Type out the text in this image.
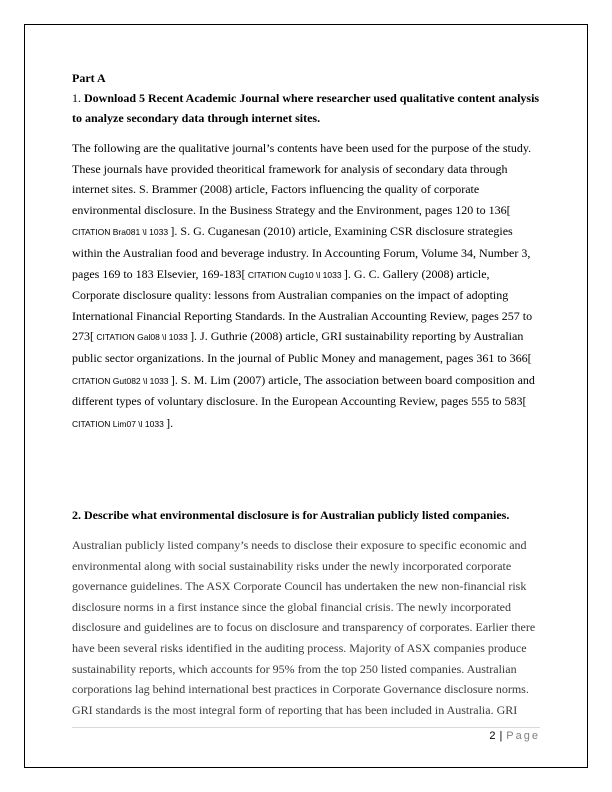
Part A

1. Download 5 Recent Academic Journal where researcher used qualitative content analysis to analyze secondary data through internet sites.

The following are the qualitative journal’s contents have been used for the purpose of the study. These journals have provided theoritical framework for analysis of secondary data through internet sites. S. Brammer (2008) article, Factors influencing the quality of corporate environmental disclosure. In the Business Strategy and the Environment, pages 120 to 136[ CITATION Bra081 \l 1033 ]. S. G. Cuganesan (2010) article, Examining CSR disclosure strategies within the Australian food and beverage industry. In Accounting Forum, Volume 34, Number 3, pages 169 to 183 Elsevier, 169-183[ CITATION Cug10 \l 1033 ]. G. C. Gallery (2008) article, Corporate disclosure quality: lessons from Australian companies on the impact of adopting International Financial Reporting Standards. In the Australian Accounting Review, pages 257 to 273[ CITATION Gal08 \l 1033 ]. J. Guthrie (2008) article, GRI sustainability reporting by Australian public sector organizations. In the journal of Public Money and management, pages 361 to 366[ CITATION Gut082 \l 1033 ]. S. M. Lim (2007) article, The association between board composition and different types of voluntary disclosure. In the European Accounting Review, pages 555 to 583[ CITATION Lim07 \l 1033 ].

2. Describe what environmental disclosure is for Australian publicly listed companies.

Australian publicly listed company’s needs to disclose their exposure to specific economic and environmental along with social sustainability risks under the newly incorporated corporate governance guidelines. The ASX Corporate Council has undertaken the new non-financial risk disclosure norms in a first instance since the global financial crisis. The newly incorporated disclosure and guidelines are to focus on disclosure and transparency of corporates. Earlier there have been several risks identified in the auditing process. Majority of ASX companies produce sustainability reports, which accounts for 95% from the top 250 listed companies. Australian corporations lag behind international best practices in Corporate Governance disclosure norms. GRI standards is the most integral form of reporting that has been included in Australia. GRI

2 | Page
